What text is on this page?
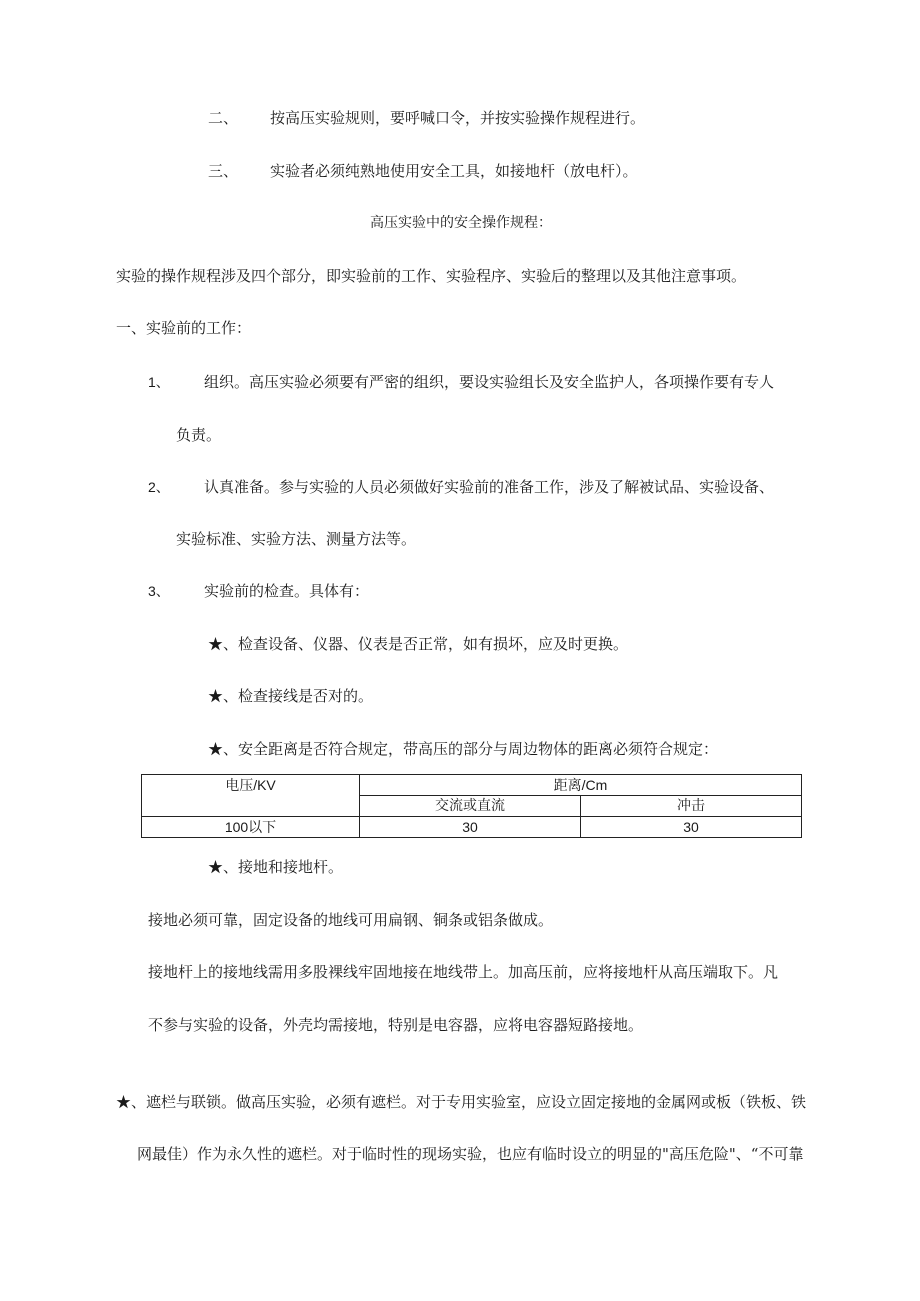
二、 按高压实验规则，要呼喊口令，并按实验操作规程进行。
三、 实验者必须纯熟地使用安全工具，如接地杆（放电杆）。
高压实验中的安全操作规程：
实验的操作规程涉及四个部分，即实验前的工作、实验程序、实验后的整理以及其他注意事项。
一、实验前的工作：
1、 组织。高压实验必须要有严密的组织，要设实验组长及安全监护人，各项操作要有专人
负责。
2、 认真准备。参与实验的人员必须做好实验前的准备工作，涉及了解被试品、实验设备、
实验标准、实验方法、测量方法等。
3、 实验前的检查。具体有：
★、检查设备、仪器、仪表是否正常，如有损坏，应及时更换。
★、检查接线是否对的。
★、安全距离是否符合规定，带高压的部分与周边物体的距离必须符合规定：
电压/KV	距离/Cm	
	交流或直流	冲击
100以下	30	30
★、接地和接地杆。
接地必须可靠，固定设备的地线可用扁钢、铜条或铝条做成。
接地杆上的接地线需用多股裸线牢固地接在地线带上。加高压前，应将接地杆从高压端取下。凡
不参与实验的设备，外壳均需接地，特别是电容器，应将电容器短路接地。
★、遮栏与联锁。做高压实验，必须有遮栏。对于专用实验室，应设立固定接地的金属网或板（铁板、铁
网最佳）作为永久性的遮栏。对于临时性的现场实验，也应有临时设立的明显的"高压危险"、“不可靠
